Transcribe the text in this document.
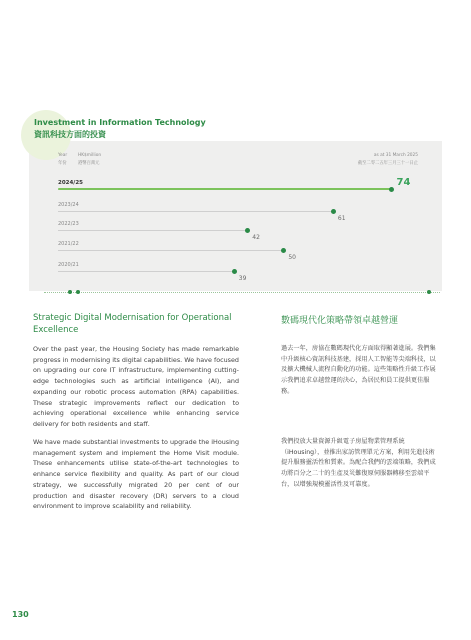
Investment in Information Technology
資訊科技方面的投資
Year
年份
HK$million
港幣百萬元
as at 31 March 2025
截至二零二五年三月三十一日止
2024/25	74
2023/24
61
2022/23
42
2021/22
50
2020/21
39
Strategic Digital Modernisation for Operational Excellence
數碼現代化策略帶領卓越營運

Over the past year, the Housing Society has made remarkable progress in modernising its digital capabilities. We have focused on upgrading our core IT infrastructure, implementing cutting-edge technologies such as artificial intelligence (AI), and expanding our robotic process automation (RPA) capabilities. These strategic improvements reflect our dedication to achieving operational excellence while enhancing service delivery for both residents and staff.

We have made substantial investments to upgrade the iHousing management system and implement the Home Visit module. These enhancements utilise state-of-the-art technologies to enhance service flexibility and quality. As part of our cloud strategy, we successfully migrated 20 per cent of our production and disaster recovery (DR) servers to a cloud environment to improve scalability and reliability.

過去一年，房協在數碼現代化方面取得顯著進展。我們集中升級核心資訊科技基建，採用人工智能等尖端科技，以及擴大機械人流程自動化的功能。這些策略性升級工作展示我們追求卓越營運的決心，為居民和員工提供更佳服務。

我們投放大量資源升級電子房屋物業管理系統（iHousing），並推出家訪管理單元方案，利用先進技術提升服務靈活性和質素。為配合我們的雲端策略，我們成功將百分之二十的生產及災難復原伺服器轉移至雲端平台，以增強規模靈活性及可靠度。

130
